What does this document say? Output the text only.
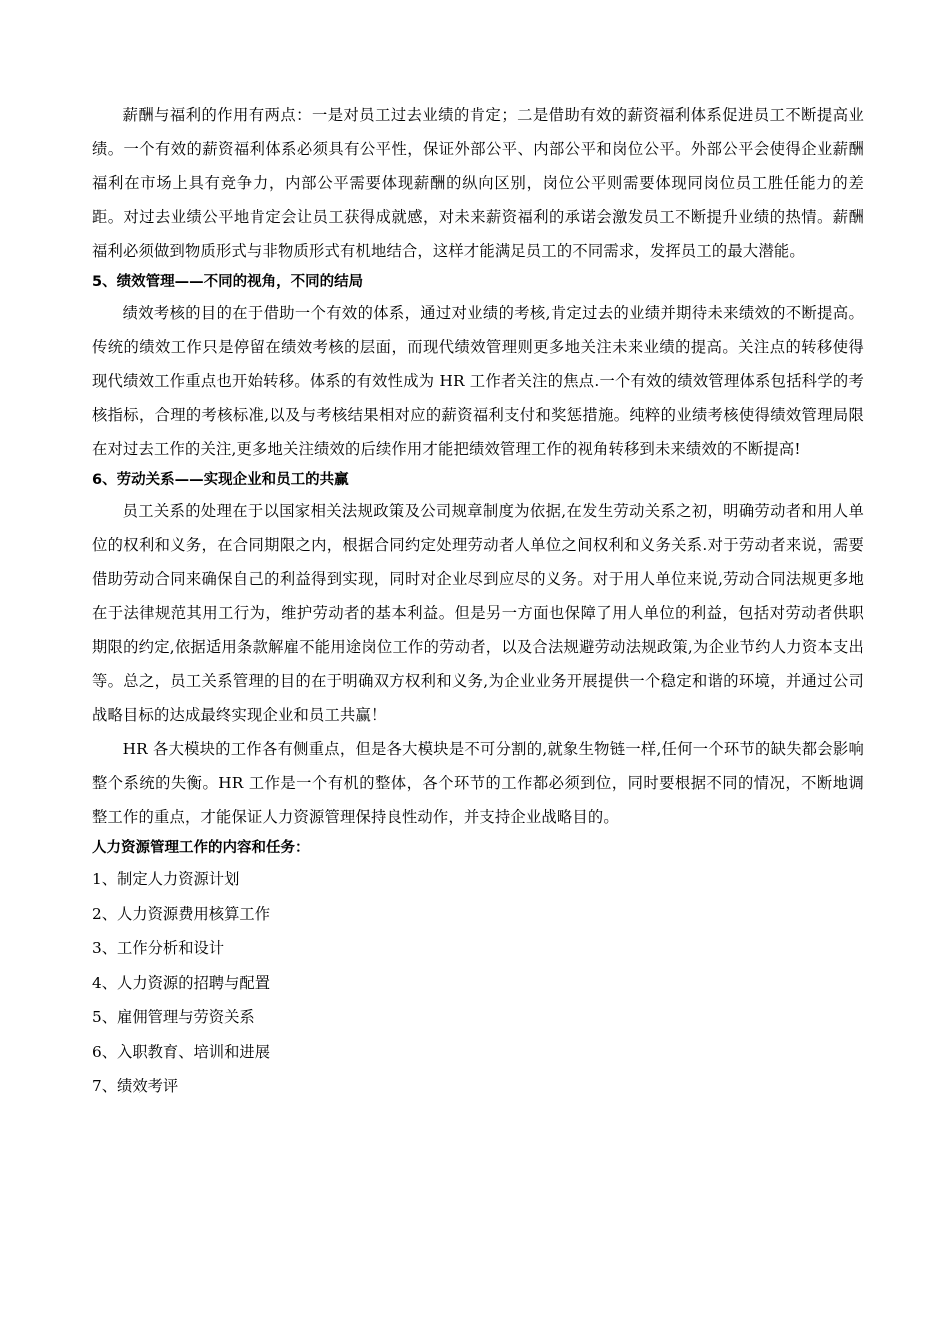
薪酬与福利的作用有两点：一是对员工过去业绩的肯定；二是借助有效的薪资福利体系促进员工不断提高业绩。一个有效的薪资福利体系必须具有公平性，保证外部公平、内部公平和岗位公平。外部公平会使得企业薪酬福利在市场上具有竞争力，内部公平需要体现薪酬的纵向区别，岗位公平则需要体现同岗位员工胜任能力的差距。对过去业绩公平地肯定会让员工获得成就感，对未来薪资福利的承诺会激发员工不断提升业绩的热情。薪酬福利必须做到物质形式与非物质形式有机地结合，这样才能满足员工的不同需求，发挥员工的最大潜能。

5、绩效管理——不同的视角，不同的结局

绩效考核的目的在于借助一个有效的体系，通过对业绩的考核,肯定过去的业绩并期待未来绩效的不断提高。传统的绩效工作只是停留在绩效考核的层面，而现代绩效管理则更多地关注未来业绩的提高。关注点的转移使得现代绩效工作重点也开始转移。体系的有效性成为 HR 工作者关注的焦点.一个有效的绩效管理体系包括科学的考核指标，合理的考核标准,以及与考核结果相对应的薪资福利支付和奖惩措施。纯粹的业绩考核使得绩效管理局限在对过去工作的关注,更多地关注绩效的后续作用才能把绩效管理工作的视角转移到未来绩效的不断提高!

6、劳动关系——实现企业和员工的共赢

员工关系的处理在于以国家相关法规政策及公司规章制度为依据,在发生劳动关系之初，明确劳动者和用人单位的权利和义务，在合同期限之内，根据合同约定处理劳动者人单位之间权利和义务关系.对于劳动者来说，需要借助劳动合同来确保自己的利益得到实现，同时对企业尽到应尽的义务。对于用人单位来说,劳动合同法规更多地在于法律规范其用工行为，维护劳动者的基本利益。但是另一方面也保障了用人单位的利益，包括对劳动者供职期限的约定,依据适用条款解雇不能用途岗位工作的劳动者，以及合法规避劳动法规政策,为企业节约人力资本支出等。总之，员工关系管理的目的在于明确双方权利和义务,为企业业务开展提供一个稳定和谐的环境，并通过公司战略目标的达成最终实现企业和员工共赢！

HR 各大模块的工作各有侧重点，但是各大模块是不可分割的,就象生物链一样,任何一个环节的缺失都会影响整个系统的失衡。HR 工作是一个有机的整体，各个环节的工作都必须到位，同时要根据不同的情况，不断地调整工作的重点，才能保证人力资源管理保持良性动作，并支持企业战略目的。

人力资源管理工作的内容和任务：
1、制定人力资源计划
2、人力资源费用核算工作
3、工作分析和设计
4、人力资源的招聘与配置
5、雇佣管理与劳资关系
6、入职教育、培训和进展
7、绩效考评
